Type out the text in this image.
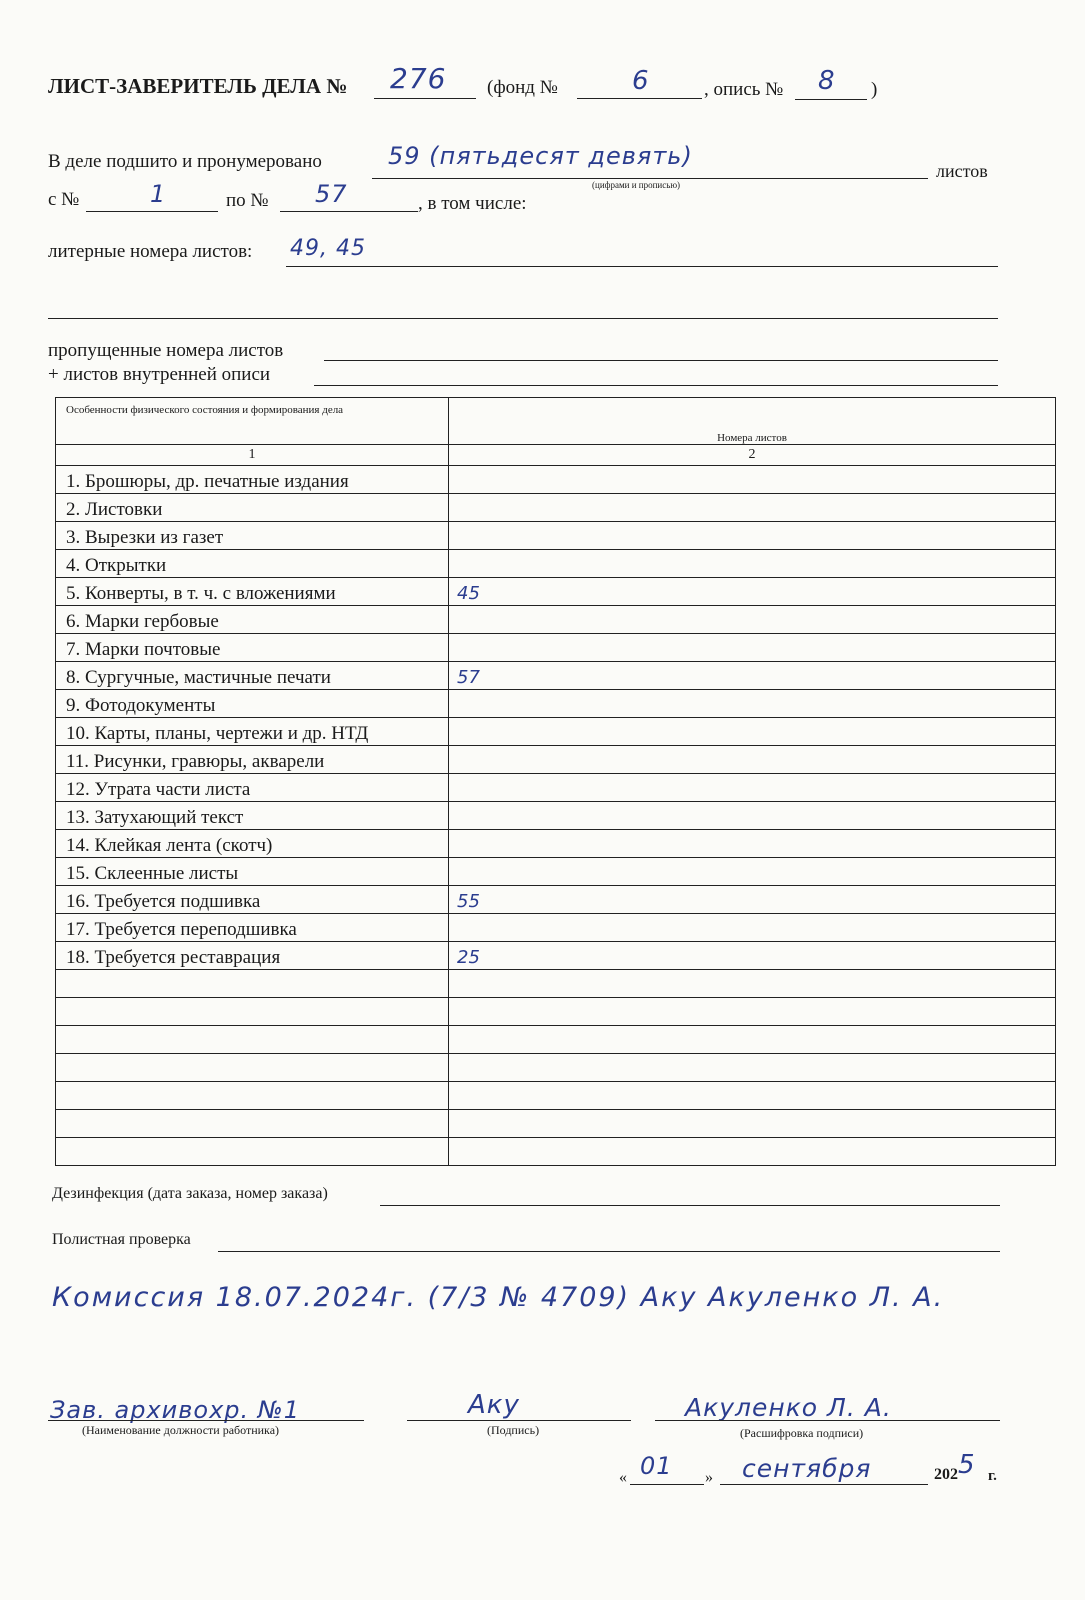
ЛИСТ-ЗАВЕРИТЕЛЬ ДЕЛА № 276 (фонд №	6	, опись № 8 )
В деле подшито и пронумеровано	59 (пятьдесят девять)
(цифрами и прописью)
листов
с №	1	по № 57	, в том числе:
литерные номера листов: 49, 45
пропущенные номера листов
+ листов внутренней описи
Особенности физического состояния и формирования дела	Номера листов
1	2
1. Брошюры, др. печатные издания	
2. Листовки	
3. Вырезки из газет	
4. Открытки	
5. Конверты, в т. ч. с вложениями	45
6. Марки гербовые	
7. Марки почтовые	
8. Сургучные, мастичные печати	57
9. Фотодокументы	
10. Карты, планы, чертежи и др. НТД	
11. Рисунки, гравюры, акварели	
12. Утрата части листа	
13. Затухающий текст	
14. Клейкая лента (скотч)	
15. Склеенные листы	
16. Требуется подшивка	55
17. Требуется переподшивка	
18. Требуется реставрация	25

Дезинфекция (дата заказа, номер заказа)
Полистная проверка
Комиссия 18.07.2024г. (7/3 № 4709) Аку Акуленко Л. А.
Зав. архивохр. №1
(Наименование должности работника)
Аку
(Подпись)
Акуленко Л. А.
(Расшифровка подписи)
« 01 » сентября	202 5 г.
